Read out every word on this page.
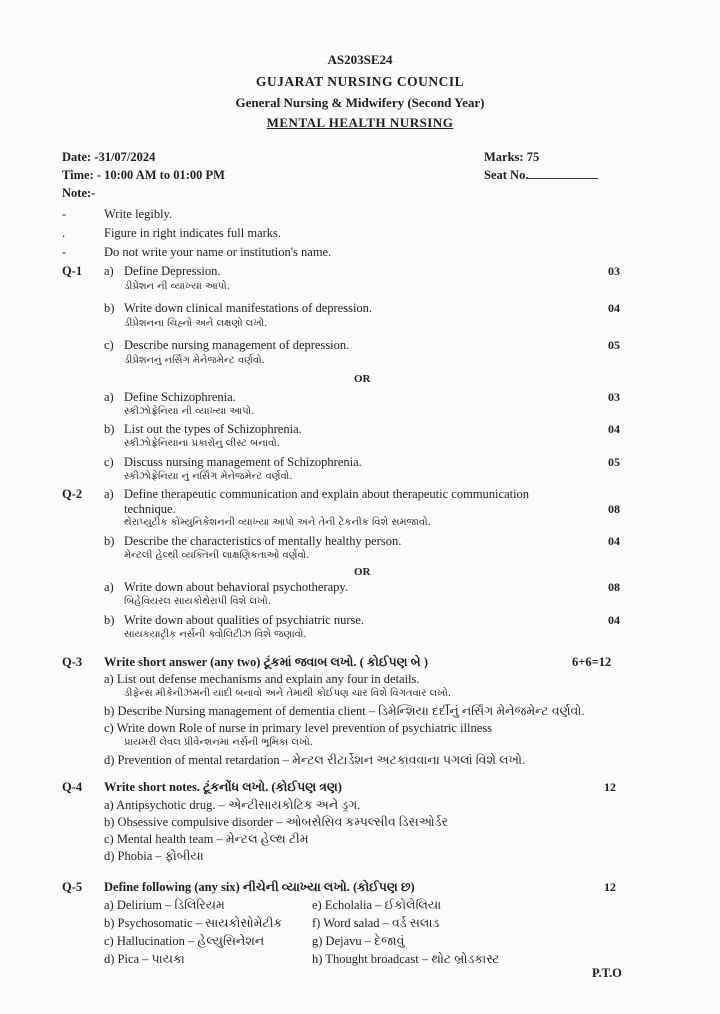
AS203SE24
GUJARAT NURSING COUNCIL
General Nursing & Midwifery (Second Year)
MENTAL HEALTH NURSING
Date: -31/07/2024
Time: - 10:00 AM to 01:00 PM
Note:-
Marks: 75
Seat No.
-	Write legibly.
.	Figure in right indicates full marks.
-	Do not write your name or institution's name.
Q-1 a) Define Depression.
ડીપ્રેશન ની વ્યાખ્યા આપો.
03
b) Write down clinical manifestations of depression.
ડીપ્રેશનના ચિહ્નો અને લક્ષણો લખો.
04
c) Describe nursing management of depression.
ડીપ્રેશનનું નર્સિંગ મેનેજમેન્ટ વર્ણવો.
05
OR
a) Define Schizophrenia.
સ્કીઝોફ્રેનિયા ની વ્યાખ્યા આપો.
03
b) List out the types of Schizophrenia.
સ્કીઝોફ્રેનિયાના પ્રકારોનું લીસ્ટ બનાવો.
04
c) Discuss nursing management of Schizophrenia.
સ્કીઝોફ્રેનિયા નું નર્સિંગ મેનેજમેન્ટ વર્ણવો.
05
Q-2 a) Define therapeutic communication and explain about therapeutic communication
technique.
થેરાપ્યુટીક કોમ્યુનિકેશનની વ્યાખ્યા આપો અને તેની ટેકનીક વિશે સમજાવો.
08
b) Describe the characteristics of mentally healthy person.
મેન્ટલી હેલ્થી વ્યક્તિની લાક્ષણિકતાઓ વર્ણવો.
04
OR
a) Write down about behavioral psychotherapy.
બિહેવિયરલ સાયકોથેરાપી વિશે લખો.
08
b) Write down about qualities of psychiatric nurse.
સાયકયાટ્રીક નર્સની ક્વોલિટીઝ વિશે જણાવો.
04
Q-3 Write short answer (any two) ટૂંકમાં જવાબ લખો. ( કોઈપણ બે )	6+6=12
a) List out defense mechanisms and explain any four in details.
ડીફેન્સ મીકેનીઝમની યાદી બનાવો અને તેમાંથી કોઈપણ ચાર વિશે વિગતવાર લખો.
b) Describe Nursing management of dementia client – ડિમેન્શિયા દર્દીનું નર્સિંગ મેનેજમેન્ટ વર્ણવો.
c) Write down Role of nurse in primary level prevention of psychiatric illness
પ્રાયમરી લેવલ પ્રીવેન્શનમાં નર્સની ભૂમિકા લખો.
d) Prevention of mental retardation – મેન્ટલ રીટાર્ડેશન અટકાવવાના પગલાં વિશે લખો.
Q-4 Write short notes. ટૂંકનોંધ લખો. (કોઈપણ ત્રણ)	12
a) Antipsychotic drug. – એન્ટીસાયકોટિક અને ડ્રગ.
b) Obsessive compulsive disorder – ઓબસેસિવ કમ્પલ્સીવ ડિસઓર્ડર
c) Mental health team – મેન્ટલ હેલ્થ ટીમ
d) Phobia – ફોબીયા
Q-5 Define following (any six) નીચેની વ્યાખ્યા લખો. (કોઈપણ છ)	12
a) Delirium – ડિલિરિયમ
b) Psychosomatic – સાયકોસોમેટીક
c) Hallucination – હેલ્યુસિનેશન
d) Pica – પાયકા
e) Echolalia – ઈકોલેલિયા
f) Word salad – વર્ડ સલાડ
g) Dejavu – દેજાવું
h) Thought broadcast – થોટ બ્રોડકાસ્ટ
P.T.O
